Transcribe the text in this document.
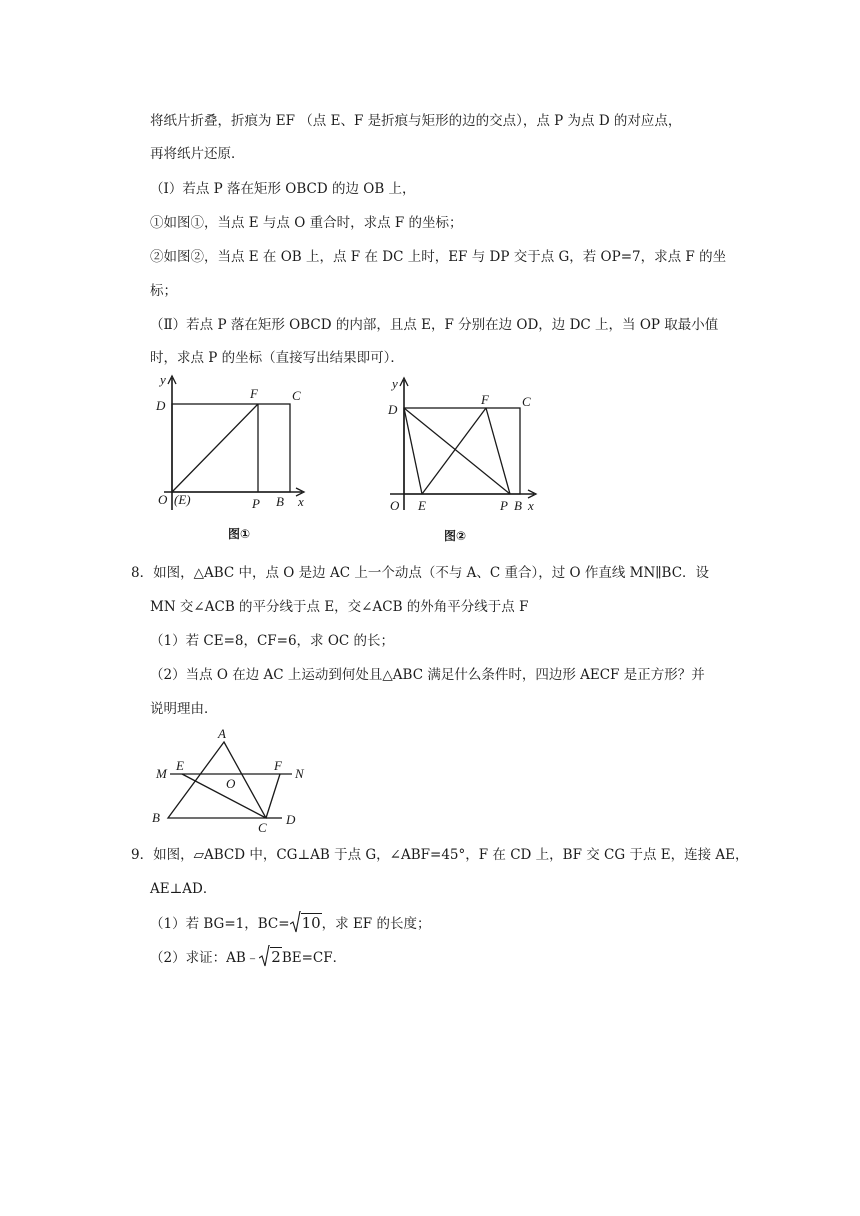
将纸片折叠，折痕为 EF （点 E、F 是折痕与矩形的边的交点），点 P 为点 D 的对应点，
再将纸片还原．
（Ⅰ）若点 P 落在矩形 OBCD 的边 OB 上，
①如图①，当点 E 与点 O 重合时，求点 F 的坐标；
②如图②，当点 E 在 OB 上，点 F 在 DC 上时，EF 与 DP 交于点 G，若 OP=7，求点 F 的坐
标；
（Ⅱ）若点 P 落在矩形 OBCD 的内部，且点 E，F 分别在边 OD，边 DC 上，当 OP 取最小值
时，求点 P 的坐标（直接写出结果即可）．
y
D
F	C
O (E)	P B x
图①
y
D
F	C
O E	P B x
图②
8．如图，△ABC 中，点 O 是边 AC 上一个动点（不与 A、C 重合），过 O 作直线 MN∥BC．设
MN 交∠ACB 的平分线于点 E，交∠ACB 的外角平分线于点 F
（1）若 CE=8，CF=6，求 OC 的长；
（2）当点 O 在边 AC 上运动到何处且△ABC 满足什么条件时，四边形 AECF 是正方形？并
说明理由．
A
M
E
O
F
N
B
C
D
9．如图，▱ABCD 中，CG⊥AB 于点 G，∠ABF=45°，F 在 CD 上，BF 交 CG 于点 E，连接 AE，
AE⊥AD．
（1）若 BG=1，BC= 10，求 EF 的长度；
（2）求证：AB﹣ 2BE=CF．
